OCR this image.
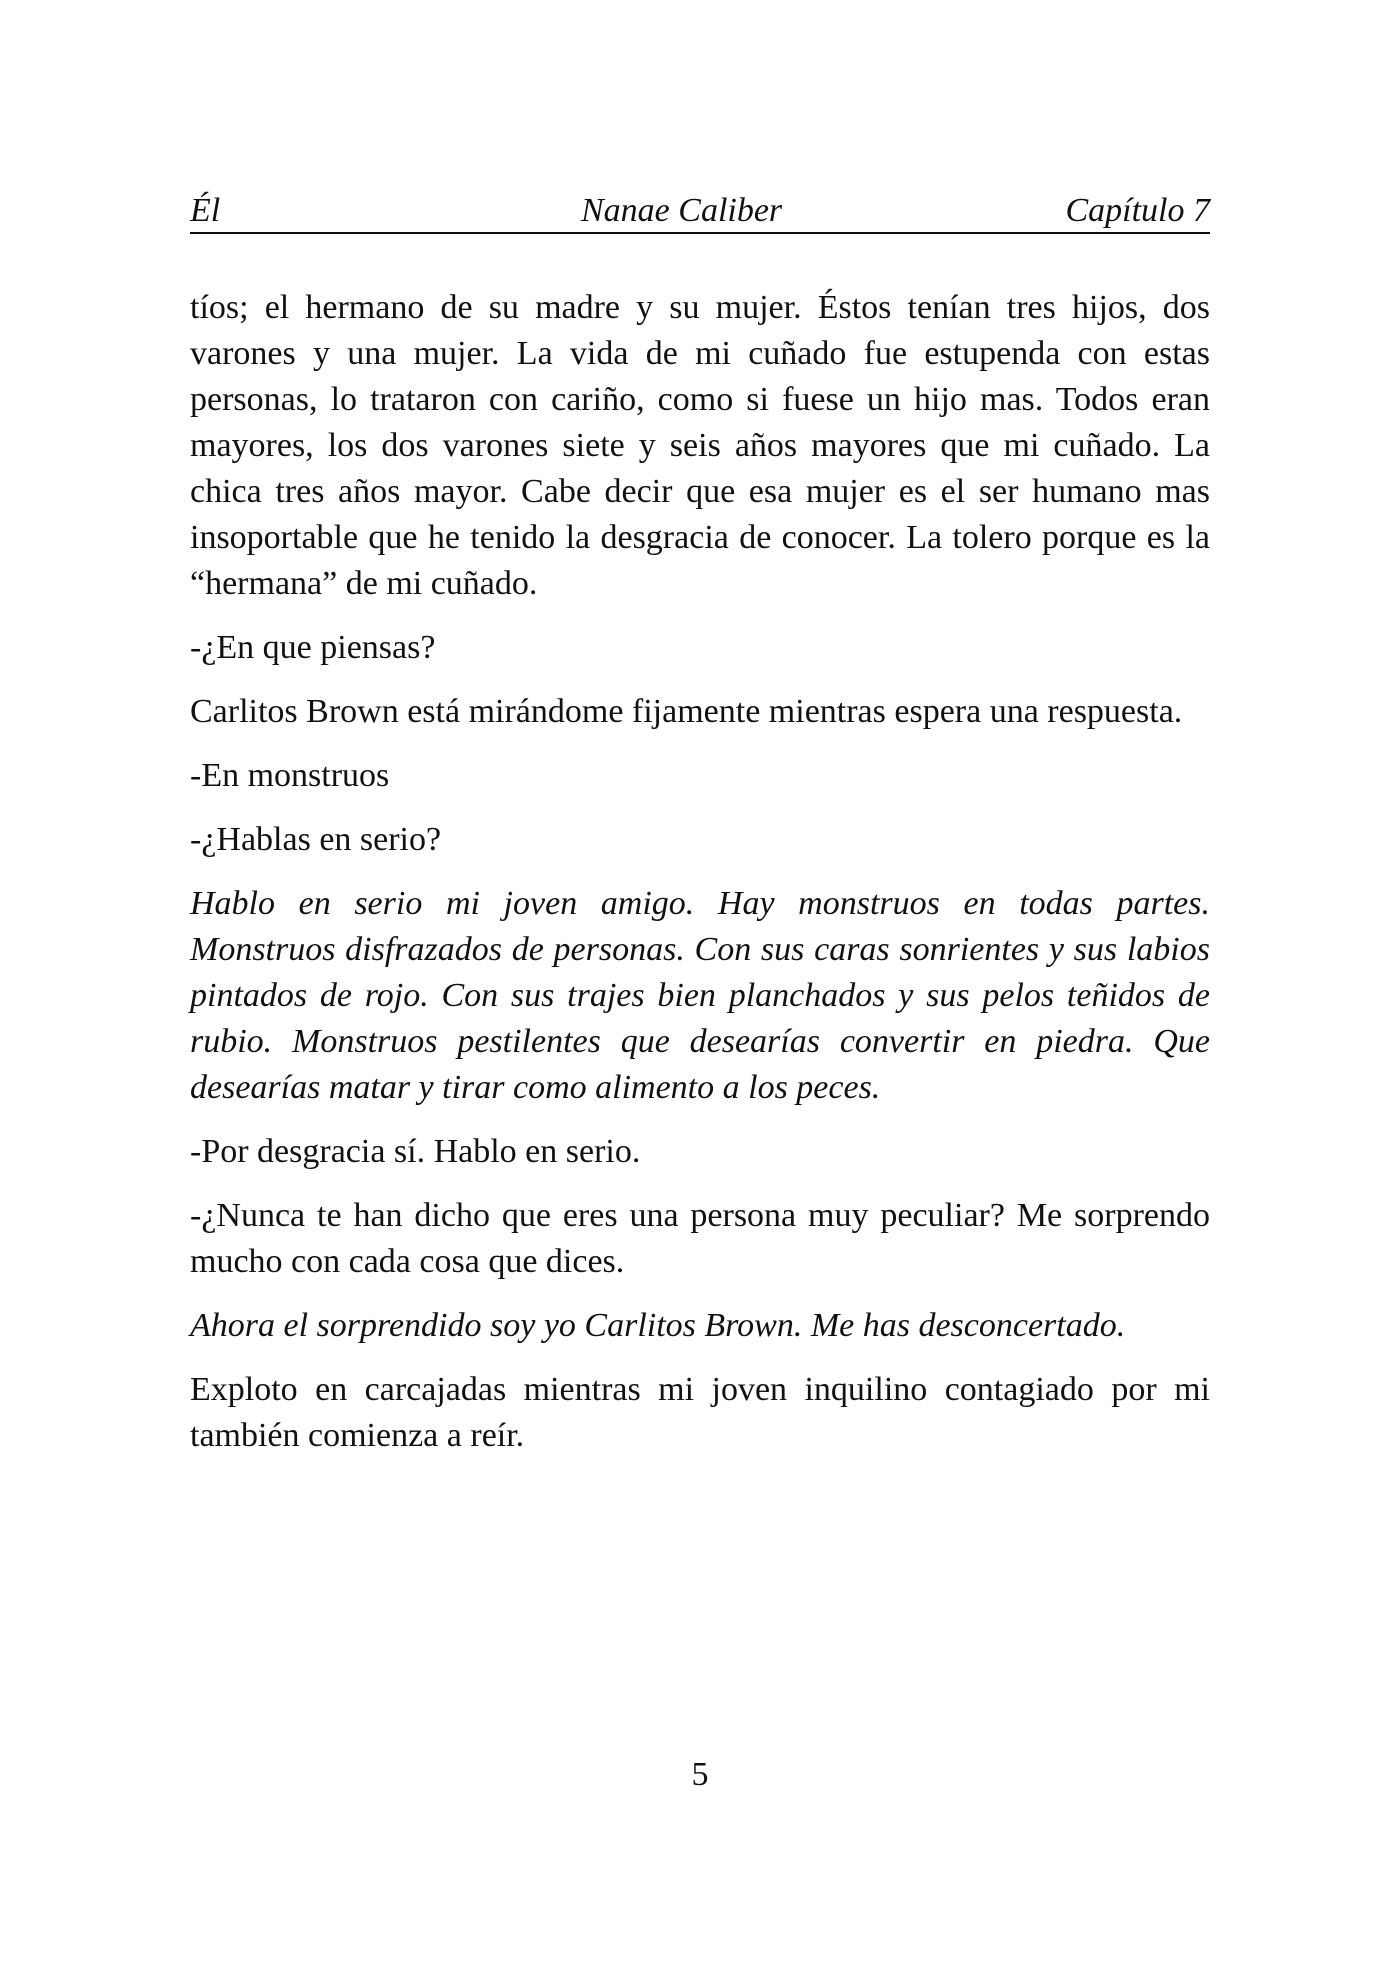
Él	Nanae Caliber	Capítulo 7

tíos; el hermano de su madre y su mujer. Éstos tenían tres hijos, dos varones y una mujer. La vida de mi cuñado fue estupenda con estas personas, lo trataron con cariño, como si fuese un hijo mas. Todos eran mayores, los dos varones siete y seis años mayores que mi cuñado. La chica tres años mayor. Cabe decir que esa mujer es el ser humano mas insoportable que he tenido la desgracia de conocer. La tolero porque es la “hermana” de mi cuñado.

-¿En que piensas?

Carlitos Brown está mirándome fijamente mientras espera una respuesta.

-En monstruos

-¿Hablas en serio?

Hablo en serio mi joven amigo. Hay monstruos en todas partes. Monstruos disfrazados de personas. Con sus caras sonrientes y sus labios pintados de rojo. Con sus trajes bien planchados y sus pelos teñidos de rubio. Monstruos pestilentes que desearías convertir en piedra. Que desearías matar y tirar como alimento a los peces.

-Por desgracia sí. Hablo en serio.

-¿Nunca te han dicho que eres una persona muy peculiar? Me sorprendo mucho con cada cosa que dices.

Ahora el sorprendido soy yo Carlitos Brown. Me has desconcertado.

Exploto en carcajadas mientras mi joven inquilino contagiado por mi también comienza a reír.

5
